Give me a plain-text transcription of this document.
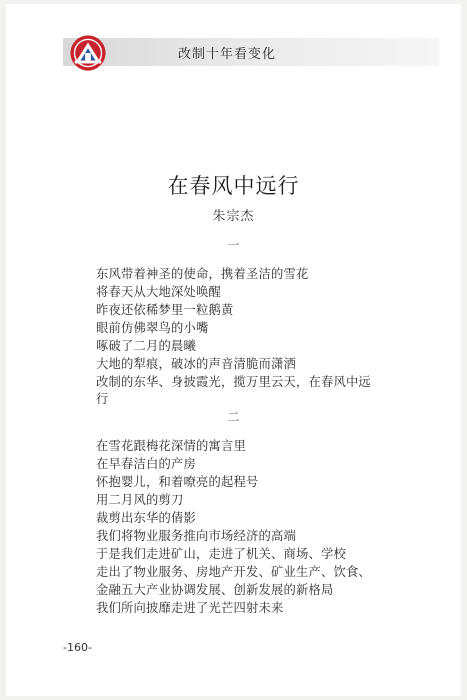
改制十年看变化
在春风中远行
朱宗杰
一
东风带着神圣的使命，携着圣洁的雪花
将春天从大地深处唤醒
昨夜还依稀梦里一粒鹅黄
眼前仿佛翠鸟的小嘴
啄破了二月的晨曦
大地的犁痕，破冰的声音清脆而潇洒
改制的东华、身披霞光，揽万里云天，在春风中远
行
二
在雪花跟梅花深情的寓言里
在早春洁白的产房
怀抱婴儿，和着嘹亮的起程号
用二月风的剪刀
裁剪出东华的倩影
我们将物业服务推向市场经济的高端
于是我们走进矿山，走进了机关、商场、学校
走出了物业服务、房地产开发、矿业生产、饮食、
金融五大产业协调发展、创新发展的新格局
我们所向披靡走进了光芒四射未来
-160-
